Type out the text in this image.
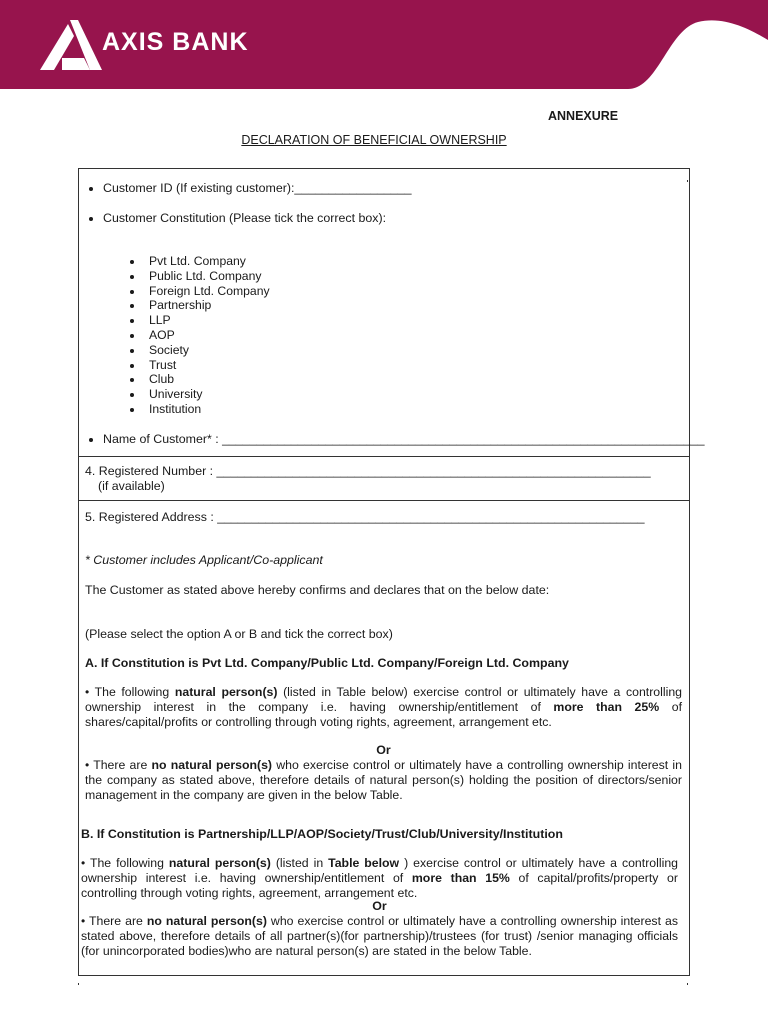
AXIS BANK
ANNEXURE
DECLARATION OF BENEFICIAL OWNERSHIP
Customer ID (If existing customer):_________________
Customer Constitution (Please tick the correct box):
Pvt Ltd. Company
Public Ltd. Company
Foreign Ltd. Company
Partnership
LLP
AOP
Society
Trust
Club
University
Institution
Name of Customer* : ______________________________________________________________________
4. Registered Number : _______________________________________________________________
(if available)
5. Registered Address : ______________________________________________________________
* Customer includes Applicant/Co-applicant
The Customer as stated above hereby confirms and declares that on the below date:
(Please select the option A or B and tick the correct box)
A. If Constitution is Pvt Ltd. Company/Public Ltd. Company/Foreign Ltd. Company
• The following natural person(s) (listed in Table below) exercise control or ultimately have a controlling ownership interest in the company i.e. having ownership/entitlement of more than 25% of shares/capital/profits or controlling through voting rights, agreement, arrangement etc.
Or
• There are no natural person(s) who exercise control or ultimately have a controlling ownership interest in the company as stated above, therefore details of natural person(s) holding the position of directors/senior management in the company are given in the below Table.
B. If Constitution is Partnership/LLP/AOP/Society/Trust/Club/University/Institution
• The following natural person(s) (listed in Table below ) exercise control or ultimately have a controlling ownership interest i.e. having ownership/entitlement of more than 15% of capital/profits/property or controlling through voting rights, agreement, arrangement etc.
Or
• There are no natural person(s) who exercise control or ultimately have a controlling ownership interest as stated above, therefore details of all partner(s)(for partnership)/trustees (for trust) /senior managing officials (for unincorporated bodies)who are natural person(s) are stated in the below Table.
